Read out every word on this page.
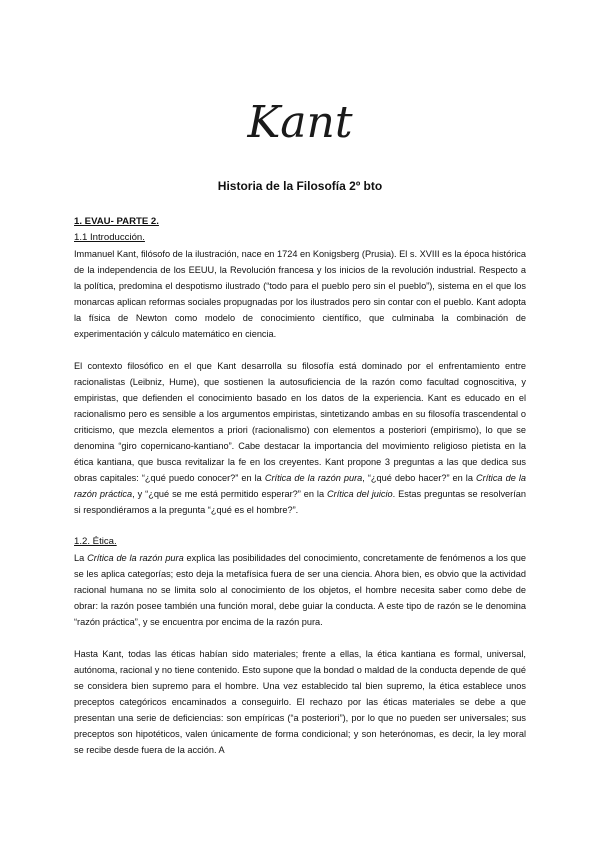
Kant
Historia de la Filosofía 2º bto
1. EVAU- PARTE 2.
1.1 Introducción.

Immanuel Kant, filósofo de la ilustración, nace en 1724 en Konigsberg (Prusia). El s. XVIII es la época histórica de la independencia de los EEUU, la Revolución francesa y los inicios de la revolución industrial. Respecto a la política, predomina el despotismo ilustrado (“todo para el pueblo pero sin el pueblo”), sistema en el que los monarcas aplican reformas sociales propugnadas por los ilustrados pero sin contar con el pueblo. Kant adopta la física de Newton como modelo de conocimiento científico, que culminaba la combinación de experimentación y cálculo matemático en ciencia.

El contexto filosófico en el que Kant desarrolla su filosofía está dominado por el enfrentamiento entre racionalistas (Leibniz, Hume), que sostienen la autosuficiencia de la razón como facultad cognoscitiva, y empiristas, que defienden el conocimiento basado en los datos de la experiencia. Kant es educado en el racionalismo pero es sensible a los argumentos empiristas, sintetizando ambas en su filosofía trascendental o criticismo, que mezcla elementos a priori (racionalismo) con elementos a posteriori (empirismo), lo que se denomina “giro copernicano-kantiano”. Cabe destacar la importancia del movimiento religioso pietista en la ética kantiana, que busca revitalizar la fe en los creyentes. Kant propone 3 preguntas a las que dedica sus obras capitales: “¿qué puedo conocer?” en la Crítica de la razón pura, “¿qué debo hacer?” en la Crítica de la razón práctica, y “¿qué se me está permitido esperar?” en la Crítica del juicio. Estas preguntas se resolverían si respondiéramos a la pregunta “¿qué es el hombre?”.

1.2. Ética.

La Crítica de la razón pura explica las posibilidades del conocimiento, concretamente de fenómenos a los que se les aplica categorías; esto deja la metafísica fuera de ser una ciencia. Ahora bien, es obvio que la actividad racional humana no se limita solo al conocimiento de los objetos, el hombre necesita saber como debe de obrar: la razón posee también una función moral, debe guiar la conducta. A este tipo de razón se le denomina “razón práctica”, y se encuentra por encima de la razón pura.

Hasta Kant, todas las éticas habían sido materiales; frente a ellas, la ética kantiana es formal, universal, autónoma, racional y no tiene contenido. Esto supone que la bondad o maldad de la conducta depende de qué se considera bien supremo para el hombre. Una vez establecido tal bien supremo, la ética establece unos preceptos categóricos encaminados a conseguirlo. El rechazo por las éticas materiales se debe a que presentan una serie de deficiencias: son empíricas (“a posteriori”), por lo que no pueden ser universales; sus preceptos son hipotéticos, valen únicamente de forma condicional; y son heterónomas, es decir, la ley moral se recibe desde fuera de la acción. A
